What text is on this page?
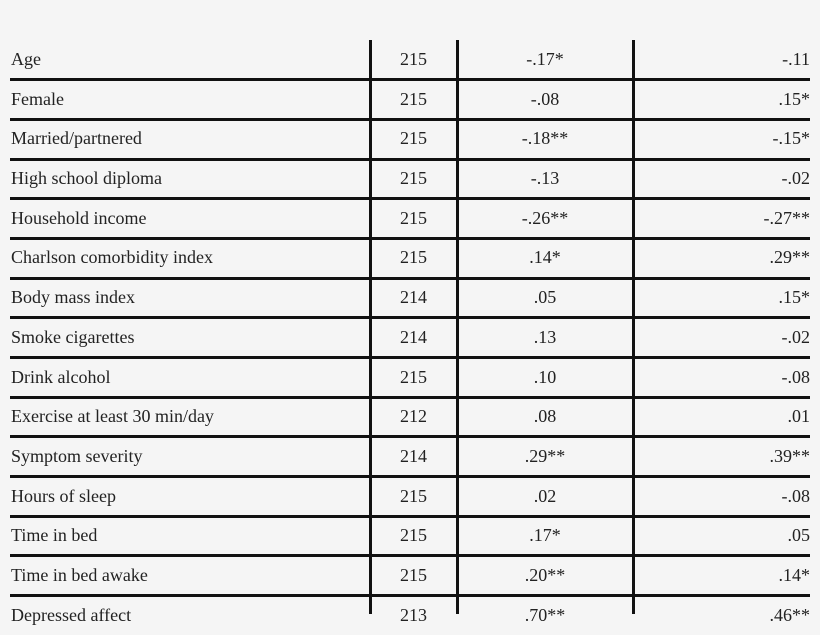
Age	215	-.17*	-.11
Female	215	-.08	.15*
Married/partnered	215	-.18**	-.15*
High school diploma	215	-.13	-.02
Household income	215	-.26**	-.27**
Charlson comorbidity index	215	.14*	.29**
Body mass index	214	.05	.15*
Smoke cigarettes	214	.13	-.02
Drink alcohol	215	.10	-.08
Exercise at least 30 min/day	212	.08	.01
Symptom severity	214	.29**	.39**
Hours of sleep	215	.02	-.08
Time in bed	215	.17*	.05
Time in bed awake	215	.20**	.14*
Depressed affect	213	.70**	.46**
